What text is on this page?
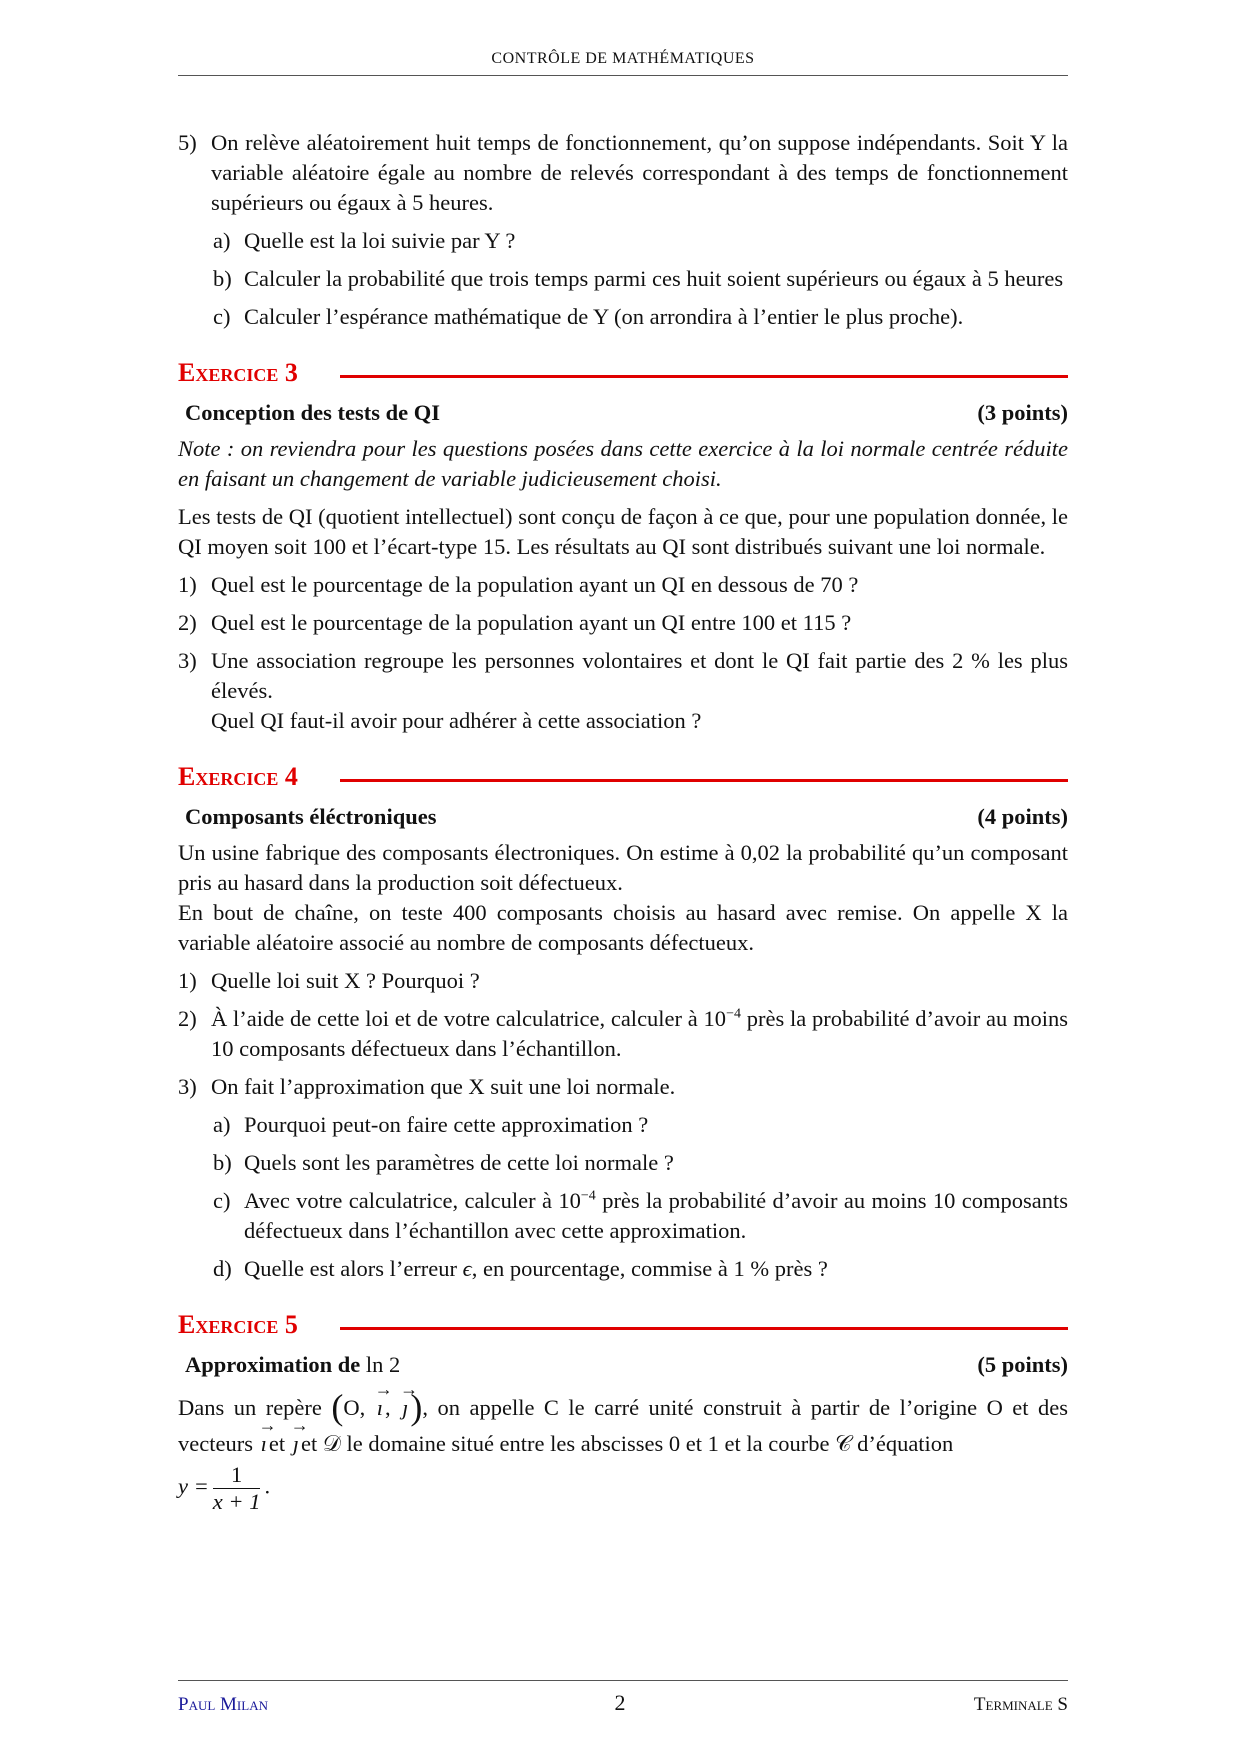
CONTRÔLE DE MATHÉMATIQUES
5) On relève aléatoirement huit temps de fonctionnement, qu’on suppose indépendants. Soit Y la variable aléatoire égale au nombre de relevés correspondant à des temps de fonctionnement supérieurs ou égaux à 5 heures.
a) Quelle est la loi suivie par Y ?
b) Calculer la probabilité que trois temps parmi ces huit soient supérieurs ou égaux à 5 heures
c) Calculer l’espérance mathématique de Y (on arrondira à l’entier le plus proche).
Exercice 3
Conception des tests de QI	(3 points)
Note : on reviendra pour les questions posées dans cette exercice à la loi normale centrée réduite en faisant un changement de variable judicieusement choisi.
Les tests de QI (quotient intellectuel) sont conçu de façon à ce que, pour une population donnée, le QI moyen soit 100 et l’écart-type 15. Les résultats au QI sont distribués suivant une loi normale.
1) Quel est le pourcentage de la population ayant un QI en dessous de 70 ?
2) Quel est le pourcentage de la population ayant un QI entre 100 et 115 ?
3) Une association regroupe les personnes volontaires et dont le QI fait partie des 2 % les plus élevés.
Quel QI faut-il avoir pour adhérer à cette association ?
Exercice 4
Composants éléctroniques	(4 points)
Un usine fabrique des composants électroniques. On estime à 0,02 la probabilité qu’un composant pris au hasard dans la production soit défectueux.
En bout de chaîne, on teste 400 composants choisis au hasard avec remise. On appelle X la variable aléatoire associé au nombre de composants défectueux.
1) Quelle loi suit X ? Pourquoi ?
2) À l’aide de cette loi et de votre calculatrice, calculer à $10^{-4}$ près la probabilité d’avoir au moins 10 composants défectueux dans l’échantillon.
3) On fait l’approximation que X suit une loi normale.
a) Pourquoi peut-on faire cette approximation ?
b) Quels sont les paramètres de cette loi normale ?
c) Avec votre calculatrice, calculer à $10^{-4}$ près la probabilité d’avoir au moins 10 composants défectueux dans l’échantillon avec cette approximation.
d) Quelle est alors l’erreur ϵ, en pourcentage, commise à 1 % près ?
Exercice 5
Approximation de ln 2	(5 points)
Dans un repère (O, → ı, → ȷ), on appelle C le carré unité construit à partir de l’origine O et des vecteurs → ıet → ȷet 𝒟 le domaine situé entre les abscisses 0 et 1 et la courbe 𝒞 d’équation
$y = \frac{1}{x + 1}$ .
Paul Milan	2	Terminale S
